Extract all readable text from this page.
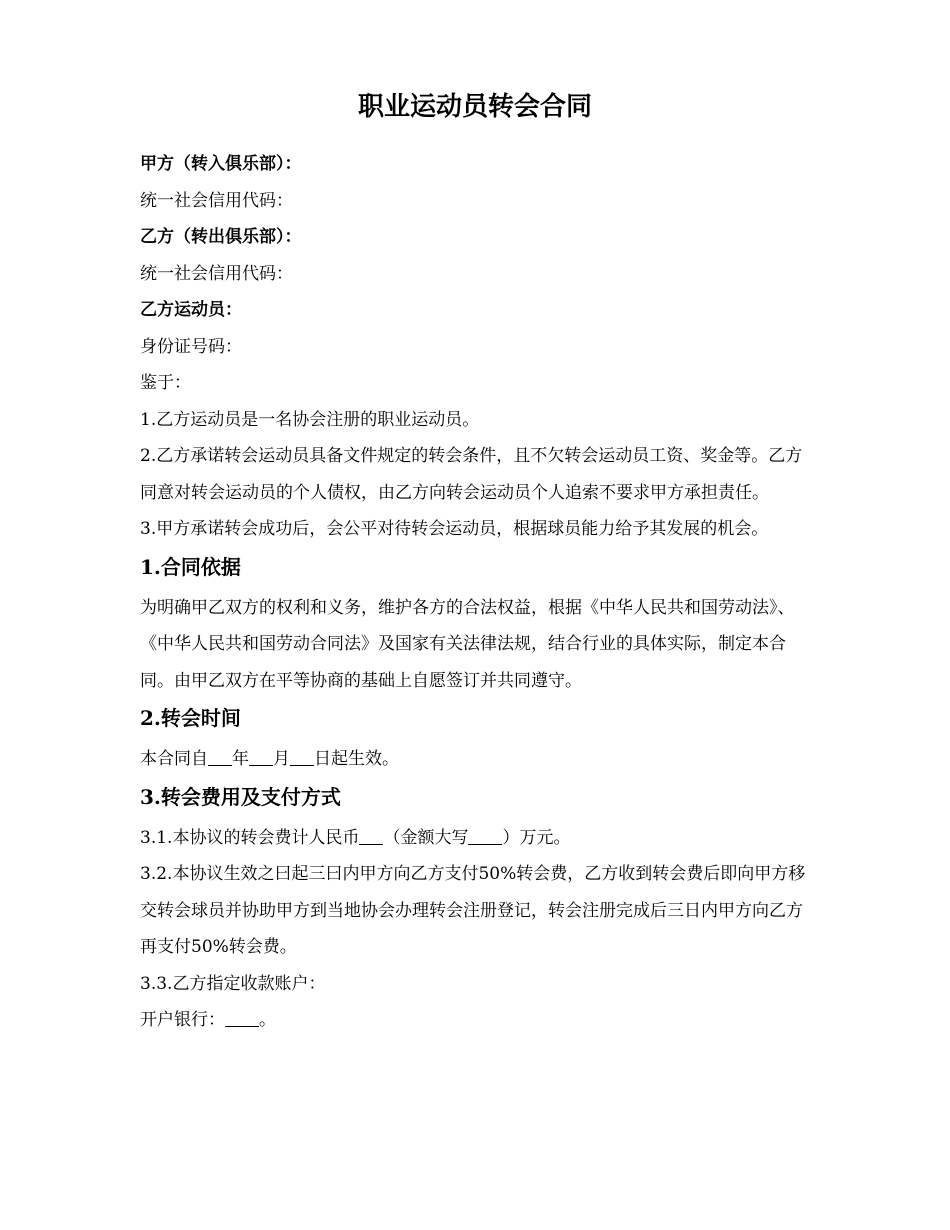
职业运动员转会合同
甲方（转入俱乐部）：
统一社会信用代码：
乙方（转出俱乐部）：
统一社会信用代码：
乙方运动员：
身份证号码：
鉴于：
1.乙方运动员是一名协会注册的职业运动员。
2.乙方承诺转会运动员具备文件规定的转会条件，且不欠转会运动员工资、奖金等。乙方同意对转会运动员的个人债权，由乙方向转会运动员个人追索不要求甲方承担责任。
3.甲方承诺转会成功后，会公平对待转会运动员，根据球员能力给予其发展的机会。
1.合同依据
为明确甲乙双方的权利和义务，维护各方的合法权益，根据《中华人民共和国劳动法》、《中华人民共和国劳动合同法》及国家有关法律法规，结合行业的具体实际，制定本合同。由甲乙双方在平等协商的基础上自愿签订并共同遵守。
2.转会时间
本合同自 年 月 日起生效。
3.转会费用及支付方式
3.1.本协议的转会费计人民币 （金额大写 ）万元。
3.2.本协议生效之曰起三曰内甲方向乙方支付50%转会费，乙方收到转会费后即向甲方移交转会球员并协助甲方到当地协会办理转会注册登记，转会注册完成后三日内甲方向乙方再支付50%转会费。
3.3.乙方指定收款账户：
开户银行： 。
